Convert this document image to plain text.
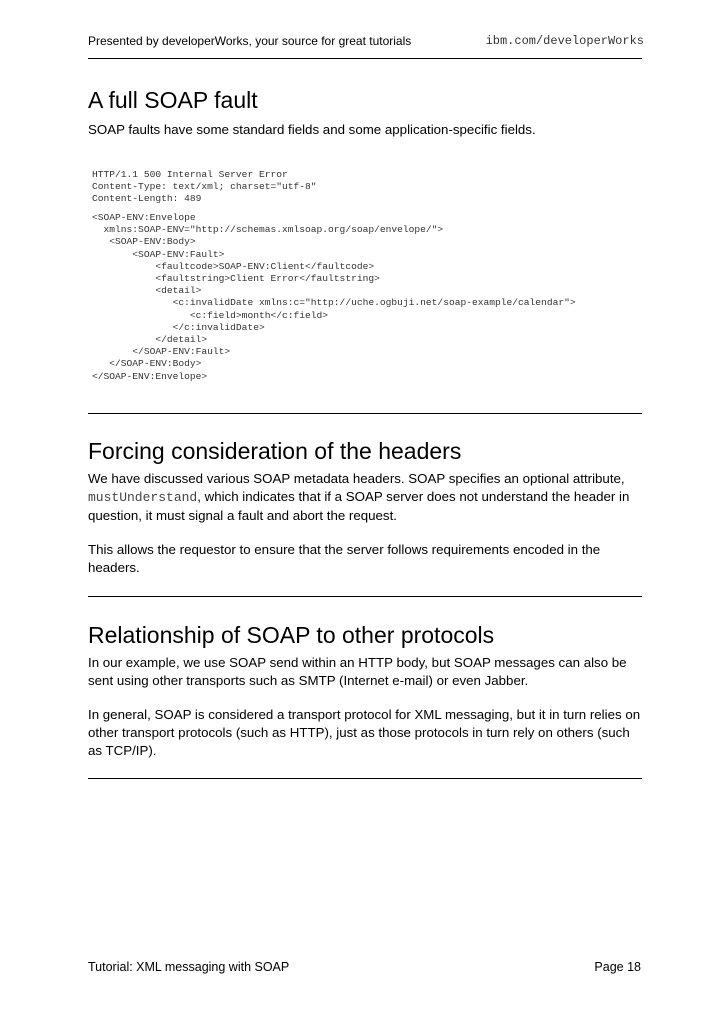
Presented by developerWorks, your source for great tutorials	ibm.com/developerWorks
A full SOAP fault

SOAP faults have some standard fields and some application-specific fields.

HTTP/1.1 500 Internal Server Error
Content-Type: text/xml; charset="utf-8"
Content-Length: 489
<SOAP-ENV:Envelope
xmlns:SOAP-ENV="http://schemas.xmlsoap.org/soap/envelope/">
<SOAP-ENV:Body>
<SOAP-ENV:Fault>
<faultcode>SOAP-ENV:Client</faultcode>
<faultstring>Client Error</faultstring>
<detail>
<c:invalidDate xmlns:c="http://uche.ogbuji.net/soap-example/calendar">
<c:field>month</c:field>
</c:invalidDate>
</detail>
</SOAP-ENV:Fault>
</SOAP-ENV:Body>
</SOAP-ENV:Envelope>
Forcing consideration of the headers

We have discussed various SOAP metadata headers. SOAP specifies an optional attribute, mustUnderstand, which indicates that if a SOAP server does not understand the header in question, it must signal a fault and abort the request.

This allows the requestor to ensure that the server follows requirements encoded in the headers.

Relationship of SOAP to other protocols

In our example, we use SOAP send within an HTTP body, but SOAP messages can also be sent using other transports such as SMTP (Internet e-mail) or even Jabber.

In general, SOAP is considered a transport protocol for XML messaging, but it in turn relies on other transport protocols (such as HTTP), just as those protocols in turn rely on others (such as TCP/IP).

Tutorial: XML messaging with SOAP	Page 18
